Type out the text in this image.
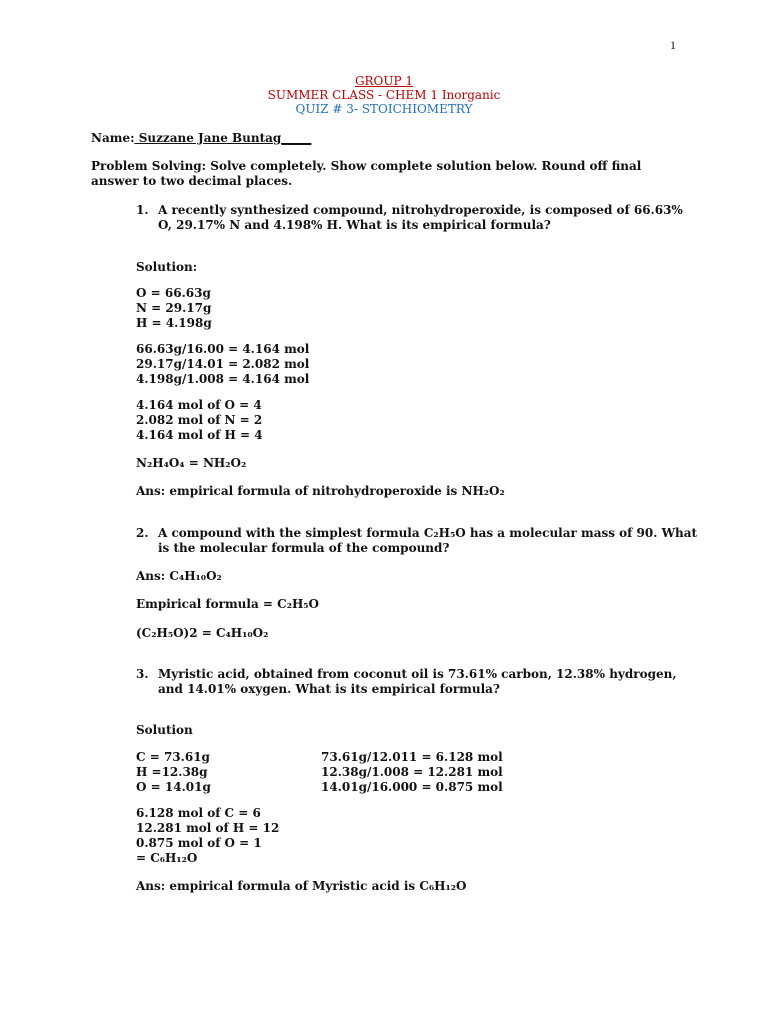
1
GROUP 1
SUMMER CLASS - CHEM 1 Inorganic
QUIZ # 3- STOICHIOMETRY
Name: Suzzane Jane Buntag_____
Problem Solving: Solve completely. Show complete solution below. Round off final
answer to two decimal places.
1. A recently synthesized compound, nitrohydroperoxide, is composed of 66.63%
O, 29.17% N and 4.198% H. What is its empirical formula?
Solution:
O = 66.63g
N = 29.17g
H = 4.198g
66.63g/16.00 = 4.164 mol
29.17g/14.01 = 2.082 mol
4.198g/1.008 = 4.164 mol
4.164 mol of O = 4
2.082 mol of N = 2
4.164 mol of H = 4
N₂H₄O₄ = NH₂O₂
Ans: empirical formula of nitrohydroperoxide is NH₂O₂
2. A compound with the simplest formula C₂H₅O has a molecular mass of 90. What
is the molecular formula of the compound?
Ans: C₄H₁₀O₂
Empirical formula = C₂H₅O
(C₂H₅O)2 = C₄H₁₀O₂
3. Myristic acid, obtained from coconut oil is 73.61% carbon, 12.38% hydrogen,
and 14.01% oxygen. What is its empirical formula?
Solution
C = 73.61g
H =12.38g
O = 14.01g
73.61g/12.011 = 6.128 mol
12.38g/1.008 = 12.281 mol
14.01g/16.000 = 0.875 mol
6.128 mol of C = 6
12.281 mol of H = 12
0.875 mol of O = 1
= C₆H₁₂O
Ans: empirical formula of Myristic acid is C₆H₁₂O
